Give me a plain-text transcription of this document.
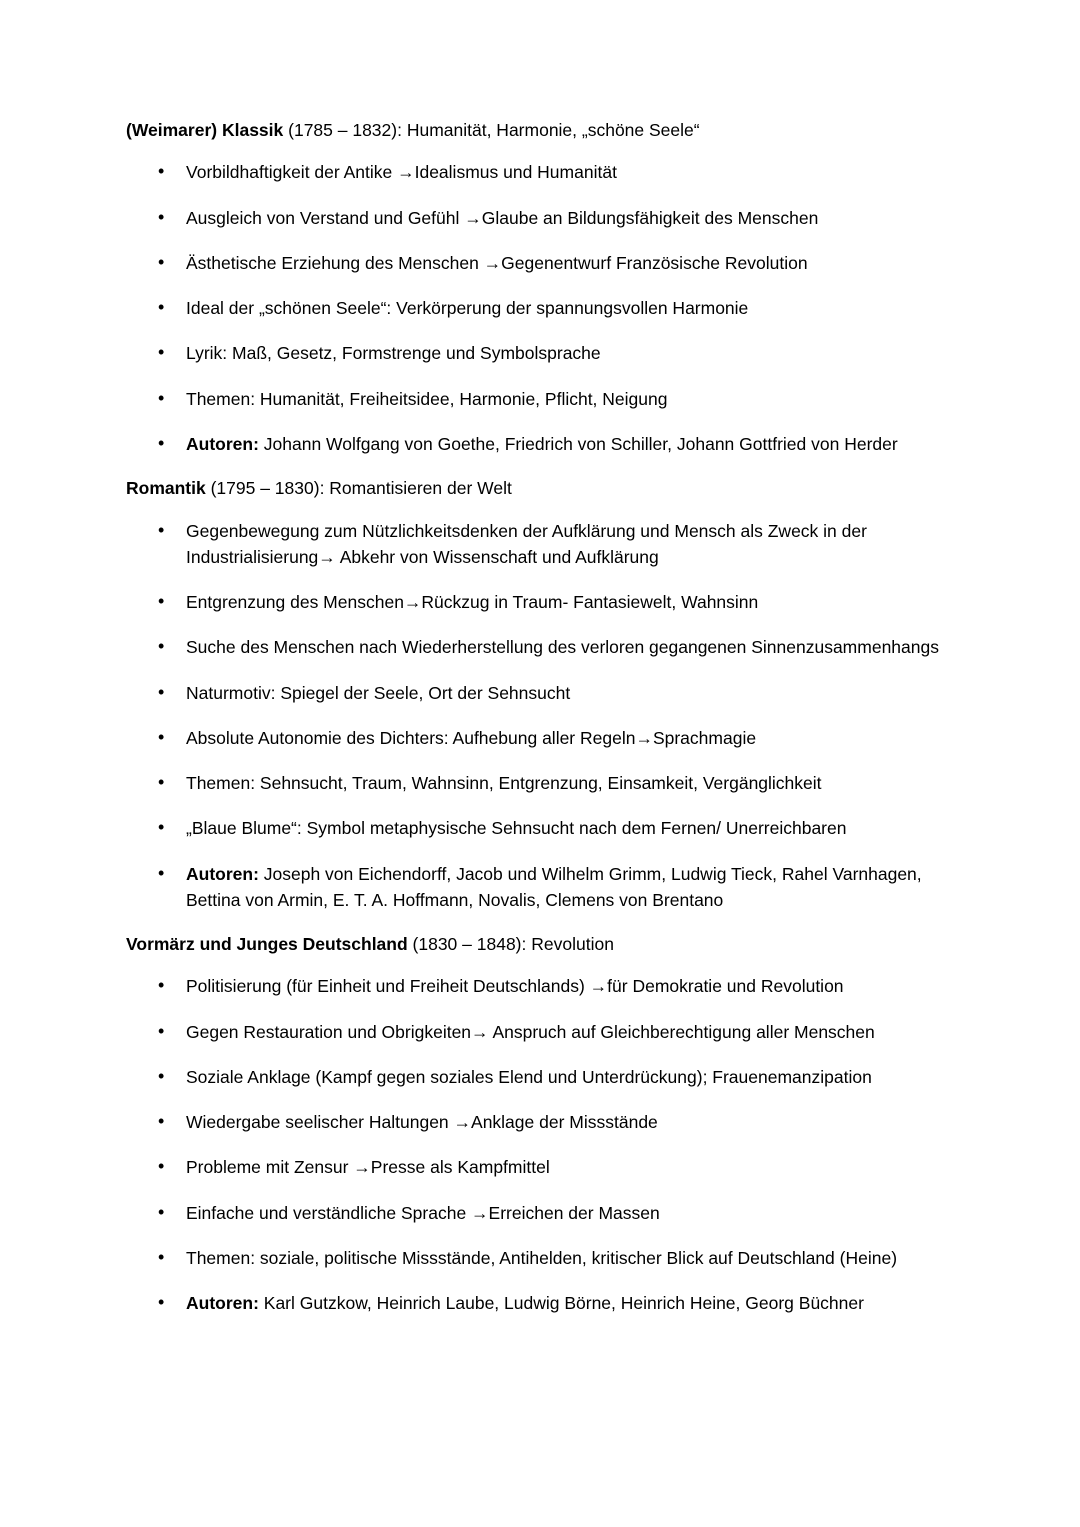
(Weimarer) Klassik (1785 – 1832): Humanität, Harmonie, „schöne Seele“

• Vorbildhaftigkeit der Antike →Idealismus und Humanität
• Ausgleich von Verstand und Gefühl →Glaube an Bildungsfähigkeit des Menschen
• Ästhetische Erziehung des Menschen →Gegenentwurf Französische Revolution
• Ideal der „schönen Seele“: Verkörperung der spannungsvollen Harmonie
• Lyrik: Maß, Gesetz, Formstrenge und Symbolsprache
• Themen: Humanität, Freiheitsidee, Harmonie, Pflicht, Neigung
• Autoren: Johann Wolfgang von Goethe, Friedrich von Schiller, Johann Gottfried von Herder

Romantik (1795 – 1830): Romantisieren der Welt

• Gegenbewegung zum Nützlichkeitsdenken der Aufklärung und Mensch als Zweck in der Industrialisierung→ Abkehr von Wissenschaft und Aufklärung
• Entgrenzung des Menschen→Rückzug in Traum- Fantasiewelt, Wahnsinn
• Suche des Menschen nach Wiederherstellung des verloren gegangenen Sinnenzusammenhangs
• Naturmotiv: Spiegel der Seele, Ort der Sehnsucht
• Absolute Autonomie des Dichters: Aufhebung aller Regeln→Sprachmagie
• Themen: Sehnsucht, Traum, Wahnsinn, Entgrenzung, Einsamkeit, Vergänglichkeit
• „Blaue Blume“: Symbol metaphysische Sehnsucht nach dem Fernen/ Unerreichbaren
• Autoren: Joseph von Eichendorff, Jacob und Wilhelm Grimm, Ludwig Tieck, Rahel Varnhagen, Bettina von Armin, E. T. A. Hoffmann, Novalis, Clemens von Brentano

Vormärz und Junges Deutschland (1830 – 1848): Revolution

• Politisierung (für Einheit und Freiheit Deutschlands) →für Demokratie und Revolution
• Gegen Restauration und Obrigkeiten→ Anspruch auf Gleichberechtigung aller Menschen
• Soziale Anklage (Kampf gegen soziales Elend und Unterdrückung); Frauenemanzipation
• Wiedergabe seelischer Haltungen →Anklage der Missstände
• Probleme mit Zensur →Presse als Kampfmittel
• Einfache und verständliche Sprache →Erreichen der Massen
• Themen: soziale, politische Missstände, Antihelden, kritischer Blick auf Deutschland (Heine)
• Autoren: Karl Gutzkow, Heinrich Laube, Ludwig Börne, Heinrich Heine, Georg Büchner
